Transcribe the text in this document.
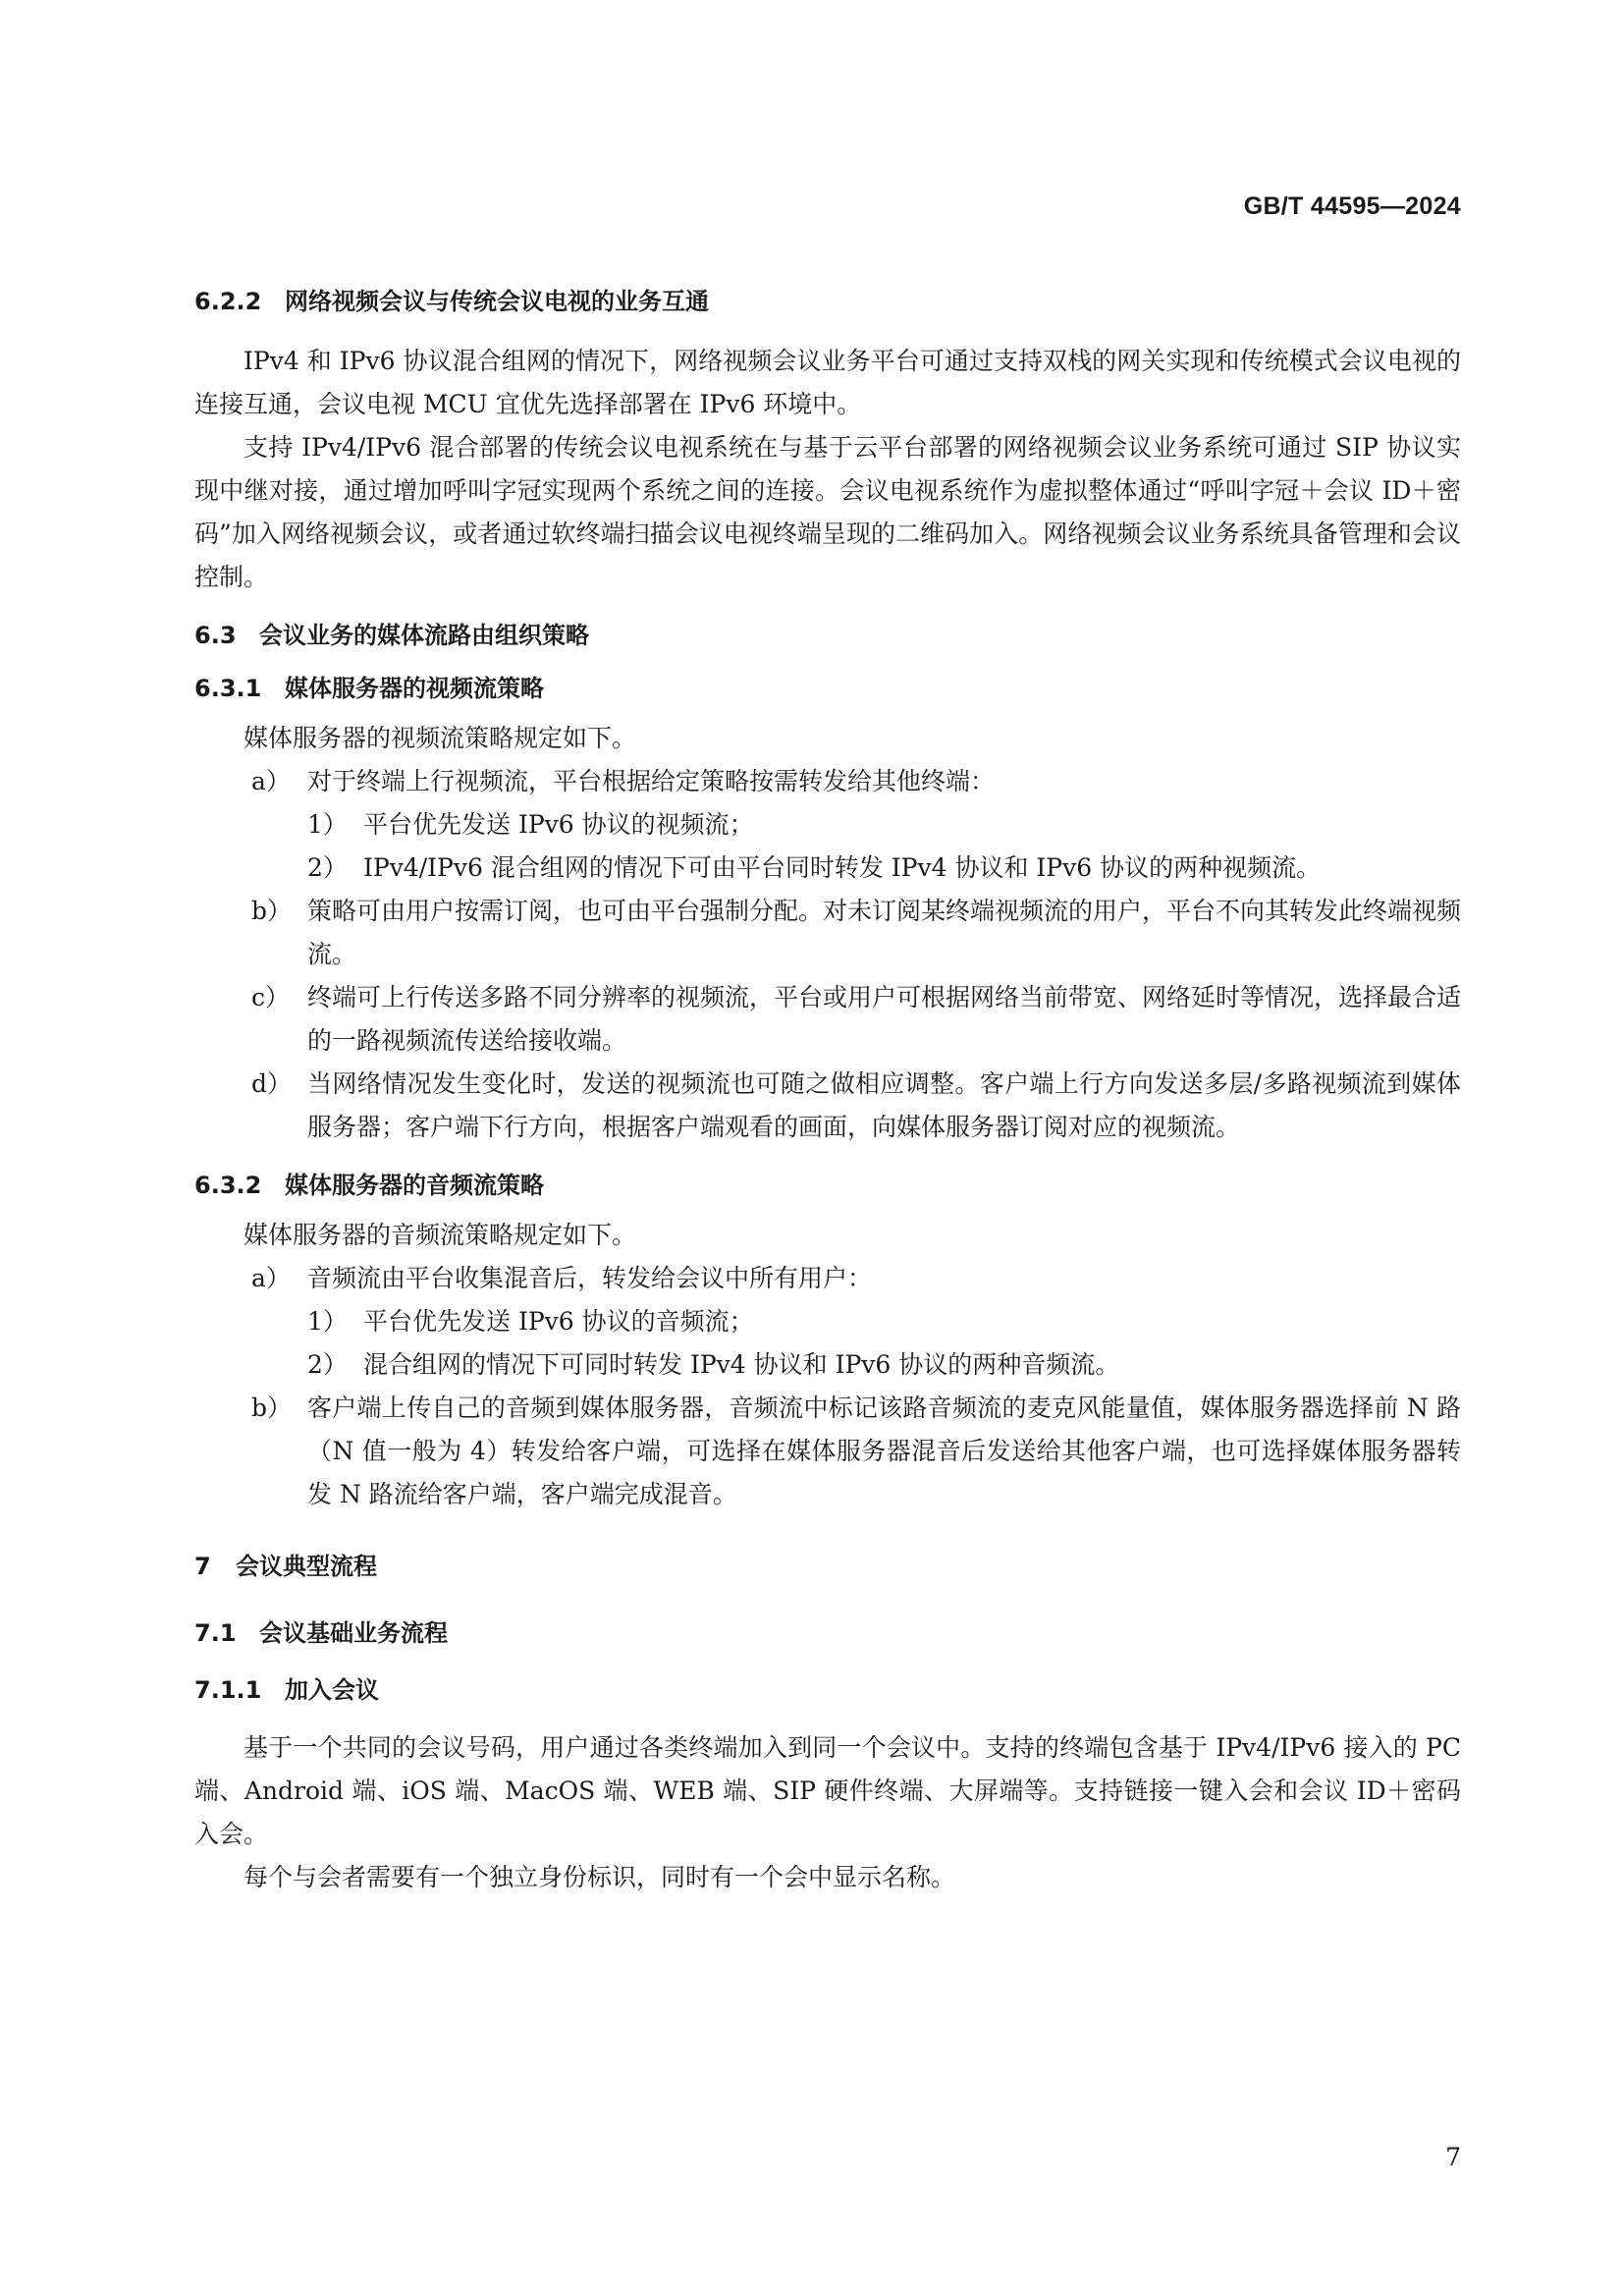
GB/T 44595—2024

6.2.2 网络视频会议与传统会议电视的业务互通

IPv4 和 IPv6 协议混合组网的情况下，网络视频会议业务平台可通过支持双栈的网关实现和传统模式会议电视的连接互通，会议电视 MCU 宜优先选择部署在 IPv6 环境中。

支持 IPv4/IPv6 混合部署的传统会议电视系统在与基于云平台部署的网络视频会议业务系统可通过 SIP 协议实现中继对接，通过增加呼叫字冠实现两个系统之间的连接。会议电视系统作为虚拟整体通过“呼叫字冠＋会议 ID＋密码”加入网络视频会议，或者通过软终端扫描会议电视终端呈现的二维码加入。网络视频会议业务系统具备管理和会议控制。

6.3 会议业务的媒体流路由组织策略

6.3.1 媒体服务器的视频流策略

媒体服务器的视频流策略规定如下。

a） 对于终端上行视频流，平台根据给定策略按需转发给其他终端：

1） 平台优先发送 IPv6 协议的视频流；

2） IPv4/IPv6 混合组网的情况下可由平台同时转发 IPv4 协议和 IPv6 协议的两种视频流。

b） 策略可由用户按需订阅，也可由平台强制分配。对未订阅某终端视频流的用户，平台不向其转发此终端视频流。

c） 终端可上行传送多路不同分辨率的视频流，平台或用户可根据网络当前带宽、网络延时等情况，选择最合适的一路视频流传送给接收端。

d） 当网络情况发生变化时，发送的视频流也可随之做相应调整。客户端上行方向发送多层/多路视频流到媒体服务器；客户端下行方向，根据客户端观看的画面，向媒体服务器订阅对应的视频流。

6.3.2 媒体服务器的音频流策略

媒体服务器的音频流策略规定如下。

a） 音频流由平台收集混音后，转发给会议中所有用户：

1） 平台优先发送 IPv6 协议的音频流；

2） 混合组网的情况下可同时转发 IPv4 协议和 IPv6 协议的两种音频流。

b） 客户端上传自己的音频到媒体服务器，音频流中标记该路音频流的麦克风能量值，媒体服务器选择前 N 路（N 值一般为 4）转发给客户端，可选择在媒体服务器混音后发送给其他客户端，也可选择媒体服务器转发 N 路流给客户端，客户端完成混音。

7 会议典型流程

7.1 会议基础业务流程

7.1.1 加入会议

基于一个共同的会议号码，用户通过各类终端加入到同一个会议中。支持的终端包含基于 IPv4/IPv6 接入的 PC 端、Android 端、iOS 端、MacOS 端、WEB 端、SIP 硬件终端、大屏端等。支持链接一键入会和会议 ID＋密码入会。

每个与会者需要有一个独立身份标识，同时有一个会中显示名称。

7
